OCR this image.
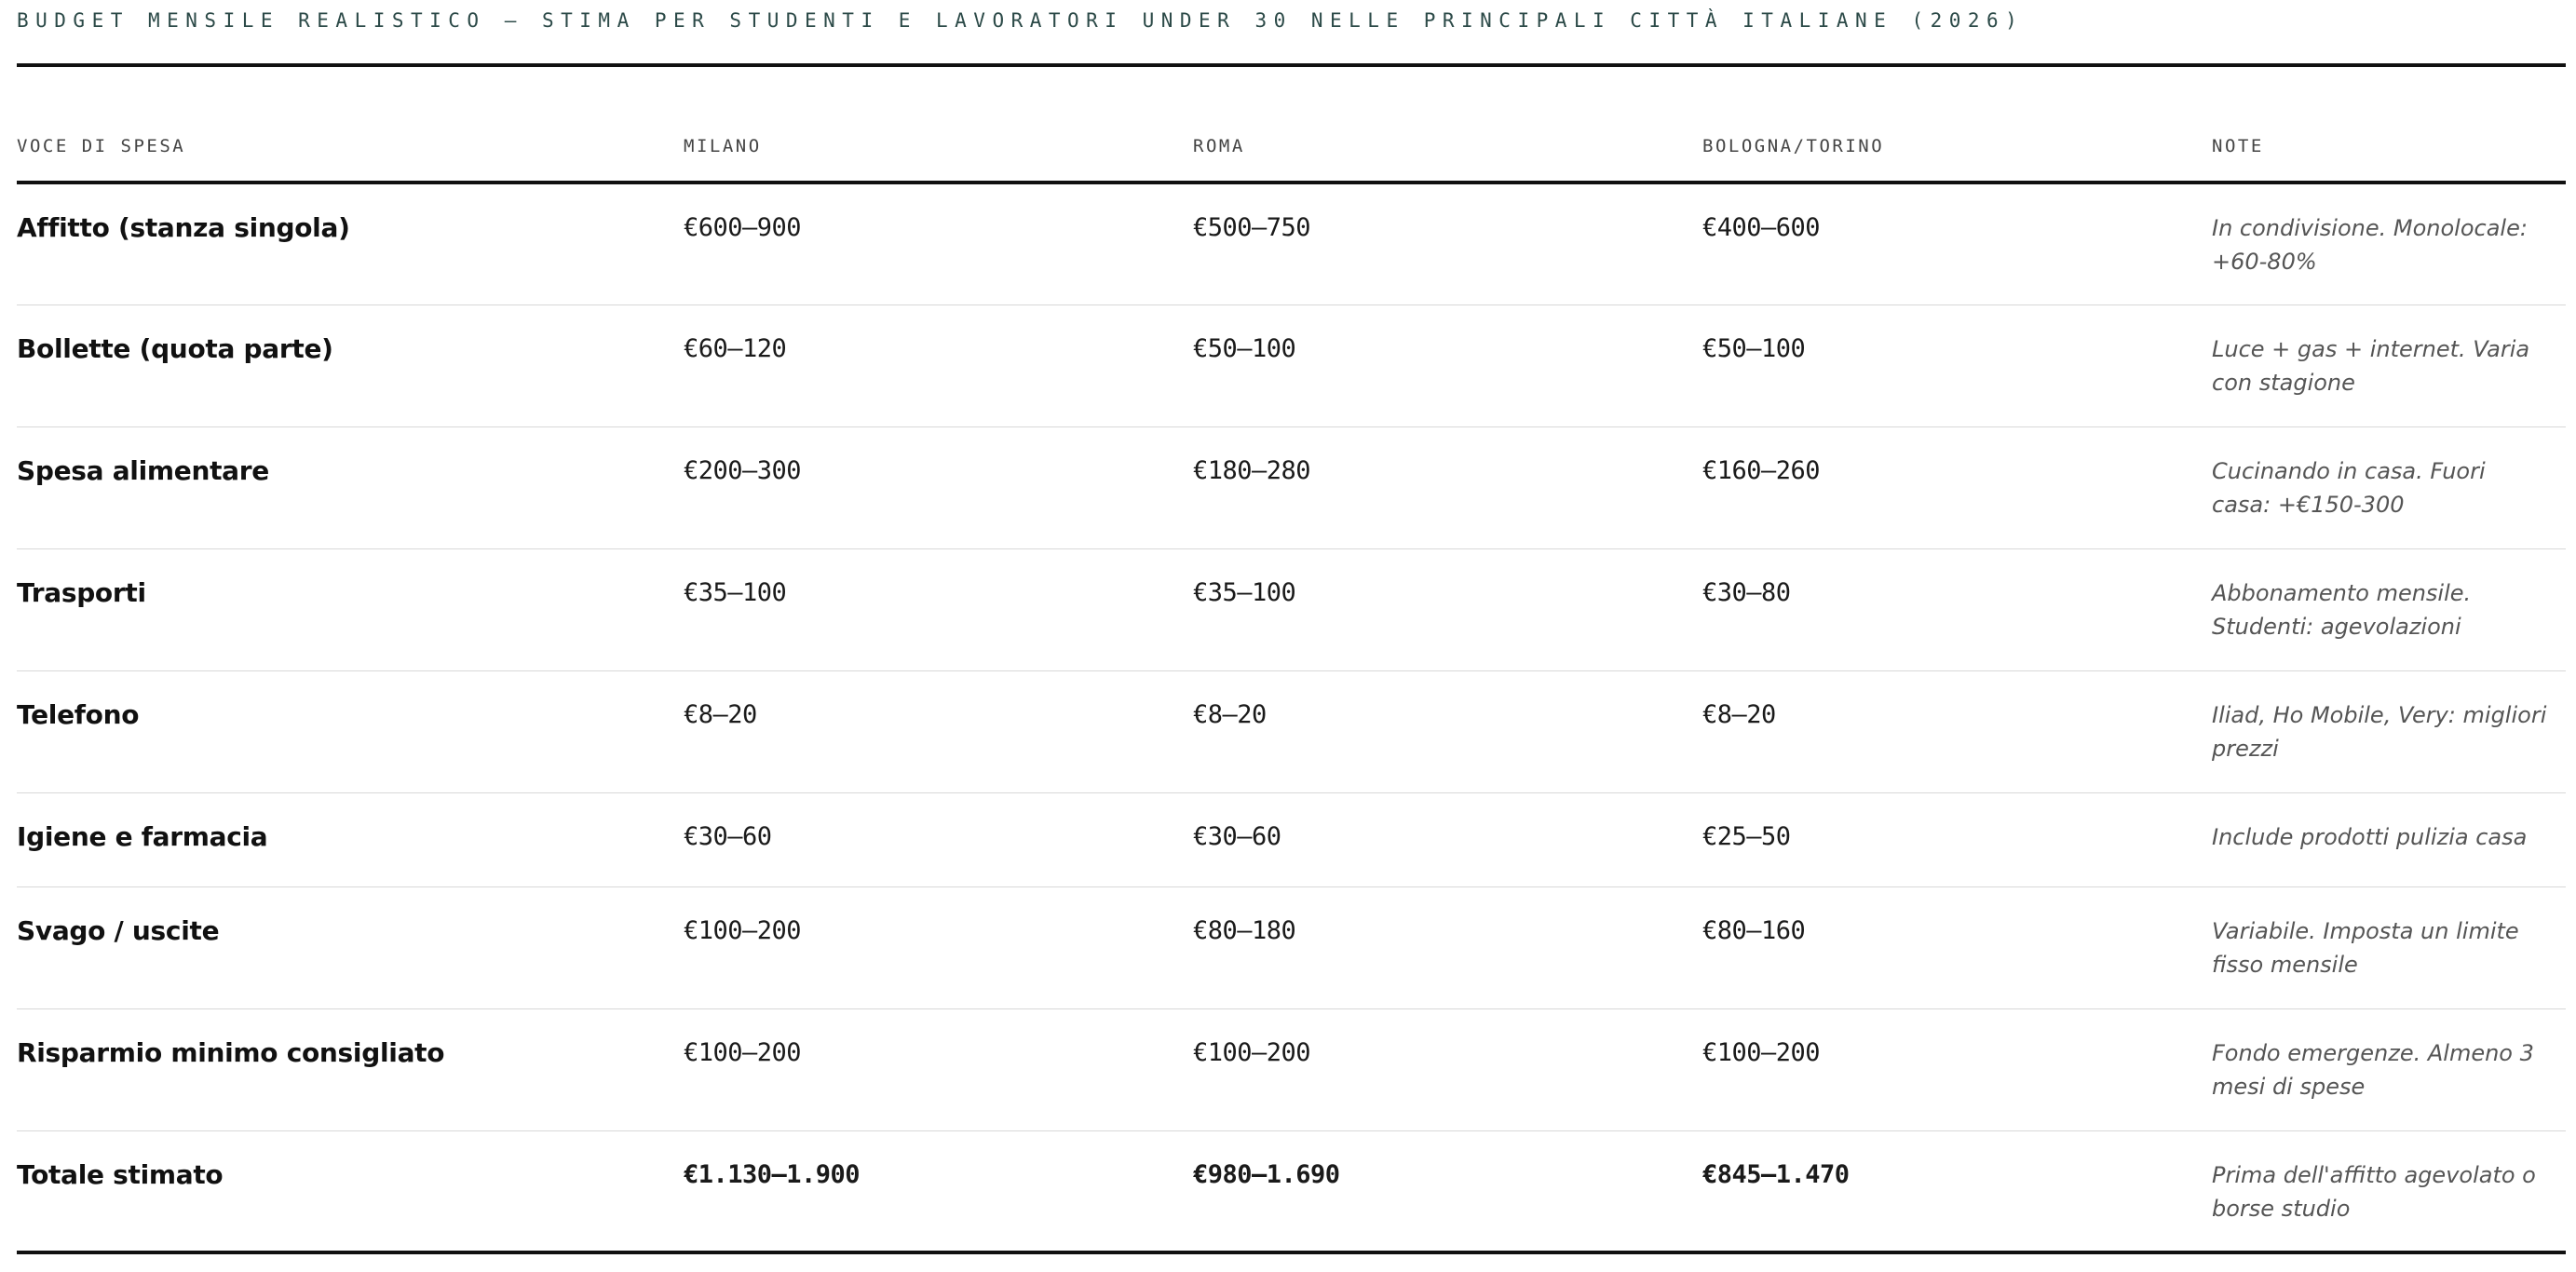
BUDGET MENSILE REALISTICO — STIMA PER STUDENTI E LAVORATORI UNDER 30 NELLE PRINCIPALI CITTÀ ITALIANE (2026)
VOCE DI SPESA	MILANO	ROMA	BOLOGNA/TORINO	NOTE
Affitto (stanza singola)	€600–900	€500–750	€400–600	In condivisione. Monolocale: +60-80%
Bollette (quota parte)	€60–120	€50–100	€50–100	Luce + gas + internet. Varia con stagione
Spesa alimentare	€200–300	€180–280	€160–260	Cucinando in casa. Fuori casa: +€150-300
Trasporti	€35–100	€35–100	€30–80	Abbonamento mensile. Studenti: agevolazioni
Telefono	€8–20	€8–20	€8–20	Iliad, Ho Mobile, Very: migliori prezzi
Igiene e farmacia	€30–60	€30–60	€25–50	Include prodotti pulizia casa
Svago / uscite	€100–200	€80–180	€80–160	Variabile. Imposta un limite fisso mensile
Risparmio minimo consigliato	€100–200	€100–200	€100–200	Fondo emergenze. Almeno 3 mesi di spese
Totale stimato	€1.130–1.900	€980–1.690	€845–1.470	Prima dell'affitto agevolato o borse studio
